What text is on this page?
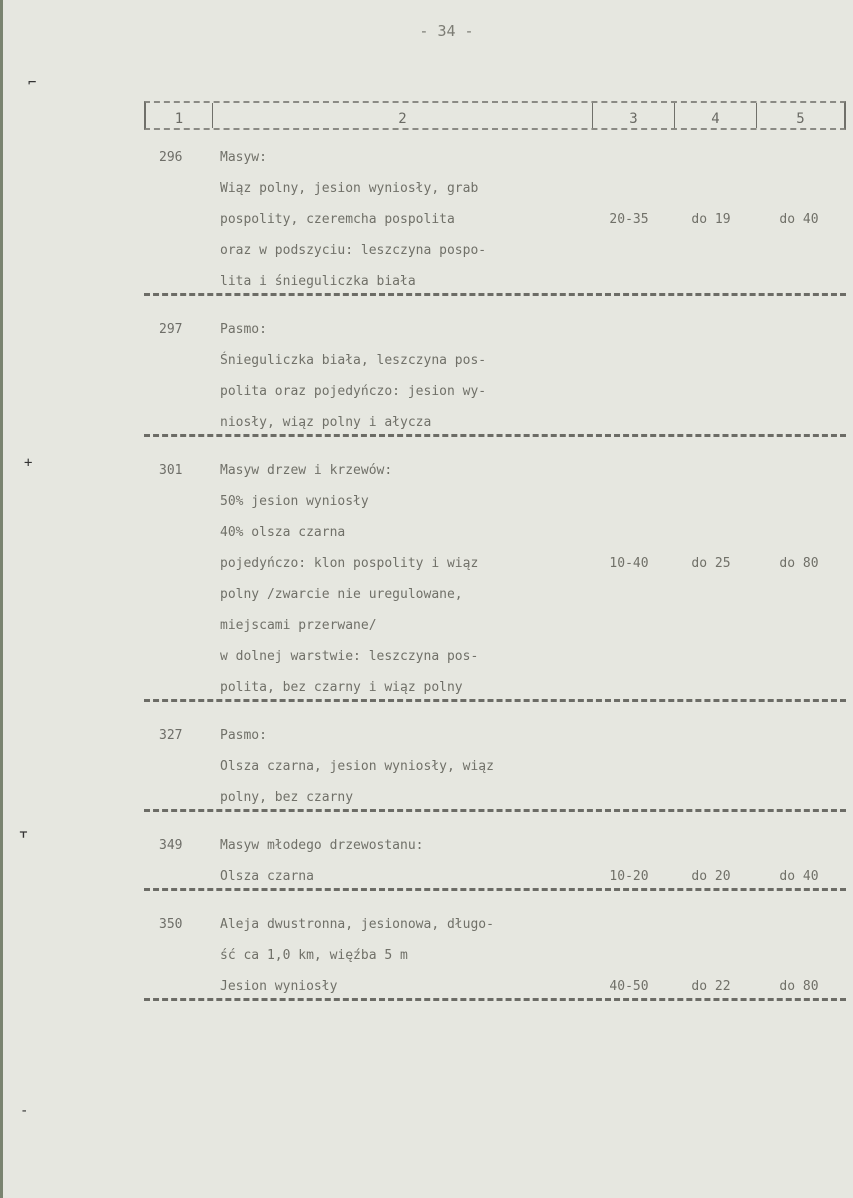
- 34 -
⌐
+
ᚁ
-
1	2	3	4	5
296	Masyw:
Wiąz polny, jesion wyniosły, grab
pospolity, czeremcha pospolita	20-35	do 19	do 40
oraz w podszyciu: leszczyna pospo-
lita i śnieguliczka biała
297	Pasmo:
Śnieguliczka biała, leszczyna pos-
polita oraz pojedyńczo: jesion wy-
niosły, wiąz polny i ałycza
301	Masyw drzew i krzewów:
50% jesion wyniosły
40% olsza czarna
pojedyńczo: klon pospolity i wiąz	10-40	do 25	do 80
polny /zwarcie nie uregulowane,
miejscami przerwane/
w dolnej warstwie: leszczyna pos-
polita, bez czarny i wiąz polny
327	Pasmo:
Olsza czarna, jesion wyniosły, wiąz
polny, bez czarny
349	Masyw młodego drzewostanu:
Olsza czarna	10-20	do 20	do 40
350	Aleja dwustronna, jesionowa, długo-
ść ca 1,0 km, więźba 5 m
Jesion wyniosły	40-50	do 22	do 80
